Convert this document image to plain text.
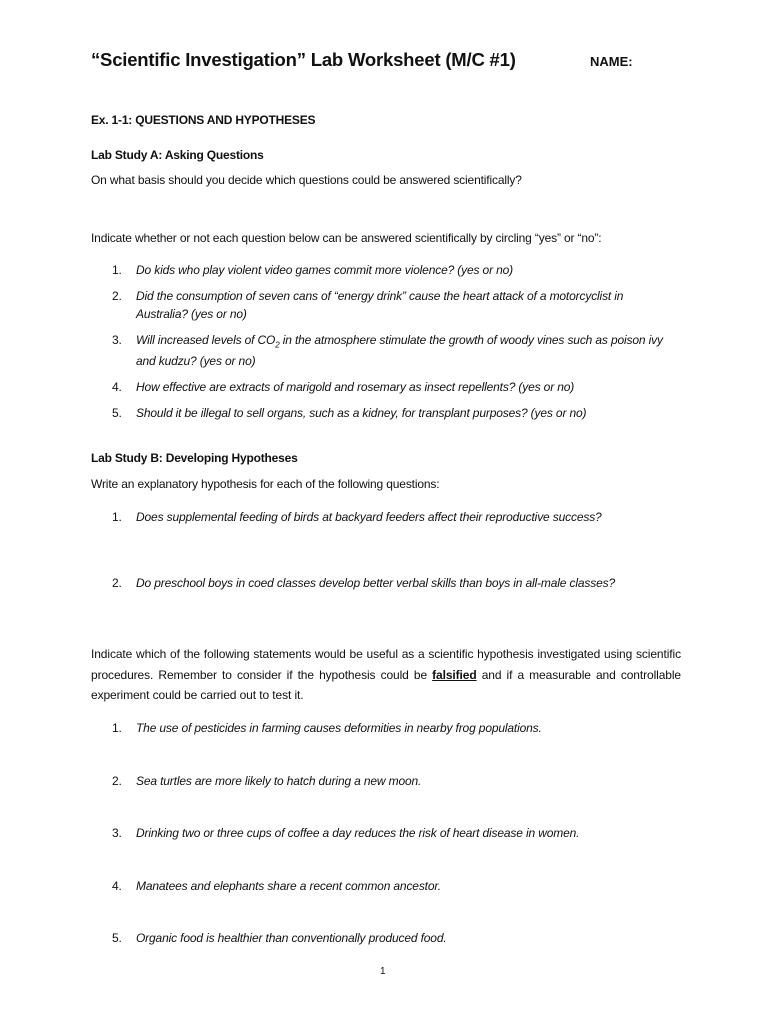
“Scientific Investigation” Lab Worksheet (M/C #1)	NAME:
Ex. 1-1: QUESTIONS AND HYPOTHESES
Lab Study A: Asking Questions
On what basis should you decide which questions could be answered scientifically?
Indicate whether or not each question below can be answered scientifically by circling “yes” or “no”:
1. Do kids who play violent video games commit more violence? (yes or no)
2. Did the consumption of seven cans of “energy drink” cause the heart attack of a motorcyclist in Australia? (yes or no)
3. Will increased levels of $CO_2$ in the atmosphere stimulate the growth of woody vines such as poison ivy and kudzu? (yes or no)
4. How effective are extracts of marigold and rosemary as insect repellents? (yes or no)
5. Should it be illegal to sell organs, such as a kidney, for transplant purposes? (yes or no)
Lab Study B: Developing Hypotheses
Write an explanatory hypothesis for each of the following questions:
1. Does supplemental feeding of birds at backyard feeders affect their reproductive success?
2. Do preschool boys in coed classes develop better verbal skills than boys in all-male classes?
Indicate which of the following statements would be useful as a scientific hypothesis investigated using scientific procedures. Remember to consider if the hypothesis could be falsified and if a measurable and controllable experiment could be carried out to test it.
1. The use of pesticides in farming causes deformities in nearby frog populations.
2. Sea turtles are more likely to hatch during a new moon.
3. Drinking two or three cups of coffee a day reduces the risk of heart disease in women.
4. Manatees and elephants share a recent common ancestor.
5. Organic food is healthier than conventionally produced food.
1
